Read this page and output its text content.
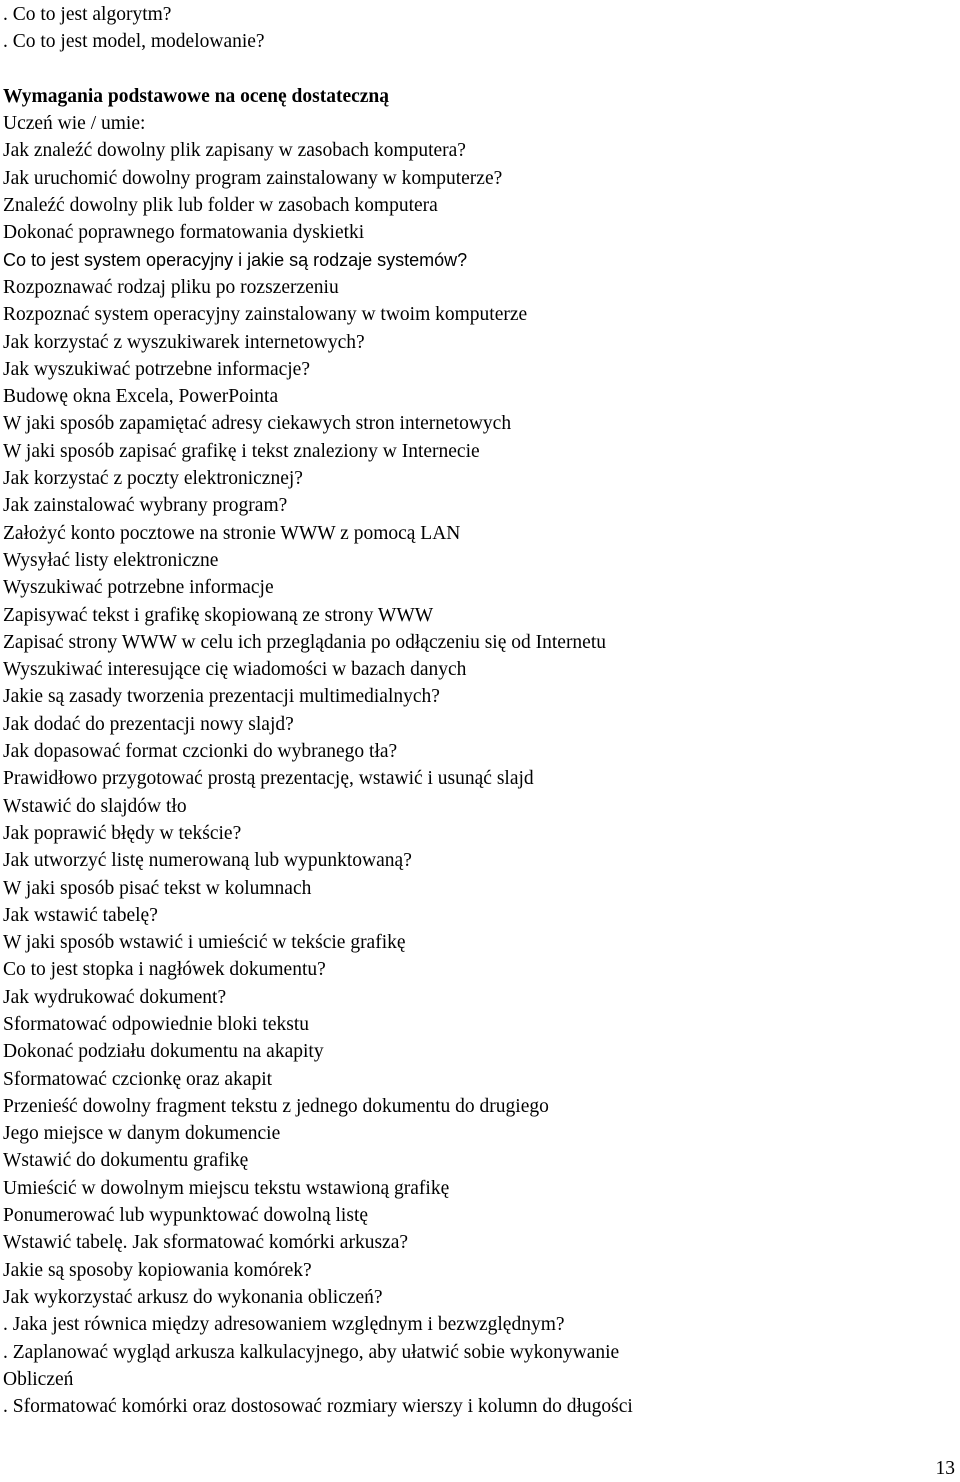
. Co to jest algorytm?
. Co to jest model, modelowanie?
Wymagania podstawowe na ocenę dostateczną
Uczeń wie / umie:
Jak znaleźć dowolny plik zapisany w zasobach komputera?
Jak uruchomić dowolny program zainstalowany w komputerze?
Znaleźć dowolny plik lub folder w zasobach komputera
Dokonać poprawnego formatowania dyskietki
Co to jest system operacyjny i jakie są rodzaje systemów?
Rozpoznawać rodzaj pliku po rozszerzeniu
Rozpoznać system operacyjny zainstalowany w twoim komputerze
Jak korzystać z wyszukiwarek internetowych?
Jak wyszukiwać potrzebne informacje?
Budowę okna Excela, PowerPointa
W jaki sposób zapamiętać adresy ciekawych stron internetowych
W jaki sposób zapisać grafikę i tekst znaleziony w Internecie
Jak korzystać z poczty elektronicznej?
Jak zainstalować wybrany program?
Założyć konto pocztowe na stronie WWW z pomocą LAN
Wysyłać listy elektroniczne
Wyszukiwać potrzebne informacje
Zapisywać tekst i grafikę skopiowaną ze strony WWW
Zapisać strony WWW w celu ich przeglądania po odłączeniu się od Internetu
Wyszukiwać interesujące cię wiadomości w bazach danych
Jakie są zasady tworzenia prezentacji multimedialnych?
Jak dodać do prezentacji nowy slajd?
Jak dopasować format czcionki do wybranego tła?
Prawidłowo przygotować prostą prezentację, wstawić i usunąć slajd
Wstawić do slajdów tło
Jak poprawić błędy w tekście?
Jak utworzyć listę numerowaną lub wypunktowaną?
W jaki sposób pisać tekst w kolumnach
Jak wstawić tabelę?
W jaki sposób wstawić i umieścić w tekście grafikę
Co to jest stopka i nagłówek dokumentu?
Jak wydrukować dokument?
Sformatować odpowiednie bloki tekstu
Dokonać podziału dokumentu na akapity
Sformatować czcionkę oraz akapit
Przenieść dowolny fragment tekstu z jednego dokumentu do drugiego
Jego miejsce w danym dokumencie
Wstawić do dokumentu grafikę
Umieścić w dowolnym miejscu tekstu wstawioną grafikę
Ponumerować lub wypunktować dowolną listę
Wstawić tabelę. Jak sformatować komórki arkusza?
Jakie są sposoby kopiowania komórek?
Jak wykorzystać arkusz do wykonania obliczeń?
. Jaka jest równica między adresowaniem względnym i bezwzględnym?
. Zaplanować wygląd arkusza kalkulacyjnego, aby ułatwić sobie wykonywanie
Obliczeń
. Sformatować komórki oraz dostosować rozmiary wierszy i kolumn do długości
13
